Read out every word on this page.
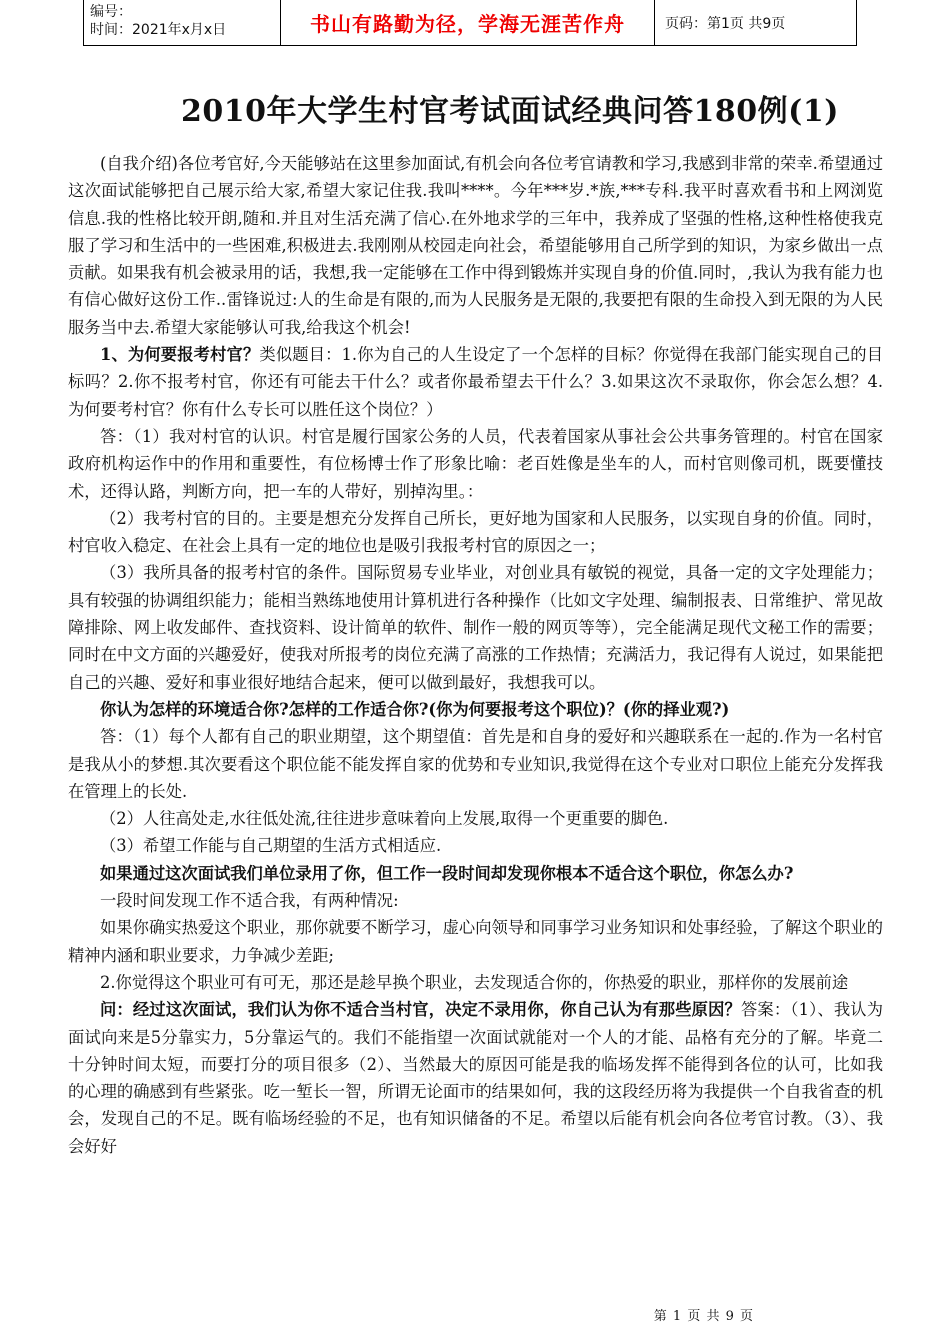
编号：
时间：2021年x月x日	书山有路勤为径，学海无涯苦作舟	页码：第1页 共9页
2010年大学生村官考试面试经典问答180例(1)

(自我介绍)各位考官好,今天能够站在这里参加面试,有机会向各位考官请教和学习,我感到非常的荣幸.希望通过这次面试能够把自己展示给大家,希望大家记住我.我叫****。今年***岁.*族,***专科.我平时喜欢看书和上网浏览信息.我的性格比较开朗,随和.并且对生活充满了信心.在外地求学的三年中，我养成了坚强的性格,这种性格使我克服了学习和生活中的一些困难,积极进去.我刚刚从校园走向社会，希望能够用自己所学到的知识，为家乡做出一点贡献。如果我有机会被录用的话，我想,我一定能够在工作中得到锻炼并实现自身的价值.同时，,我认为我有能力也有信心做好这份工作..雷锋说过:人的生命是有限的,而为人民服务是无限的,我要把有限的生命投入到无限的为人民服务当中去.希望大家能够认可我,给我这个机会!

1、为何要报考村官？类似题目：1.你为自己的人生设定了一个怎样的目标？你觉得在我部门能实现自己的目标吗？2.你不报考村官，你还有可能去干什么？或者你最希望去干什么？3.如果这次不录取你，你会怎么想？4. 为何要考村官？你有什么专长可以胜任这个岗位？）

答：（1）我对村官的认识。村官是履行国家公务的人员，代表着国家从事社会公共事务管理的。村官在国家政府机构运作中的作用和重要性，有位杨博士作了形象比喻：老百姓像是坐车的人，而村官则像司机，既要懂技术，还得认路，判断方向，把一车的人带好，别掉沟里。：

（2）我考村官的目的。主要是想充分发挥自己所长，更好地为国家和人民服务，以实现自身的价值。同时，村官收入稳定、在社会上具有一定的地位也是吸引我报考村官的原因之一；

（3）我所具备的报考村官的条件。国际贸易专业毕业，对创业具有敏锐的视觉，具备一定的文字处理能力；具有较强的协调组织能力；能相当熟练地使用计算机进行各种操作（比如文字处理、编制报表、日常维护、常见故障排除、网上收发邮件、查找资料、设计简单的软件、制作一般的网页等等），完全能满足现代文秘工作的需要；同时在中文方面的兴趣爱好，使我对所报考的岗位充满了高涨的工作热情；充满活力，我记得有人说过，如果能把自己的兴趣、爱好和事业很好地结合起来，便可以做到最好，我想我可以。

你认为怎样的环境适合你?怎样的工作适合你?(你为何要报考这个职位)？(你的择业观?)

答：（1）每个人都有自己的职业期望，这个期望值：首先是和自身的爱好和兴趣联系在一起的.作为一名村官是我从小的梦想.其次要看这个职位能不能发挥自家的优势和专业知识,我觉得在这个专业对口职位上能充分发挥我在管理上的长处.

（2）人往高处走,水往低处流,往往进步意味着向上发展,取得一个更重要的脚色.

（3）希望工作能与自己期望的生活方式相适应.

如果通过这次面试我们单位录用了你，但工作一段时间却发现你根本不适合这个职位，你怎么办?

一段时间发现工作不适合我，有两种情况:

如果你确实热爱这个职业，那你就要不断学习，虚心向领导和同事学习业务知识和处事经验，了解这个职业的精神内涵和职业要求，力争减少差距;

2.你觉得这个职业可有可无，那还是趁早换个职业，去发现适合你的，你热爱的职业，那样你的发展前途

问：经过这次面试，我们认为你不适合当村官，决定不录用你，你自己认为有那些原因？答案：（1）、我认为面试向来是5分靠实力，5分靠运气的。我们不能指望一次面试就能对一个人的才能、品格有充分的了解。毕竟二十分钟时间太短，而要打分的项目很多（2）、当然最大的原因可能是我的临场发挥不能得到各位的认可，比如我的心理的确感到有些紧张。吃一堑长一智，所谓无论面市的结果如何，我的这段经历将为我提供一个自我省查的机会，发现自己的不足。既有临场经验的不足，也有知识储备的不足。希望以后能有机会向各位考官讨教。（3）、我会好好

第 1 页 共 9 页
